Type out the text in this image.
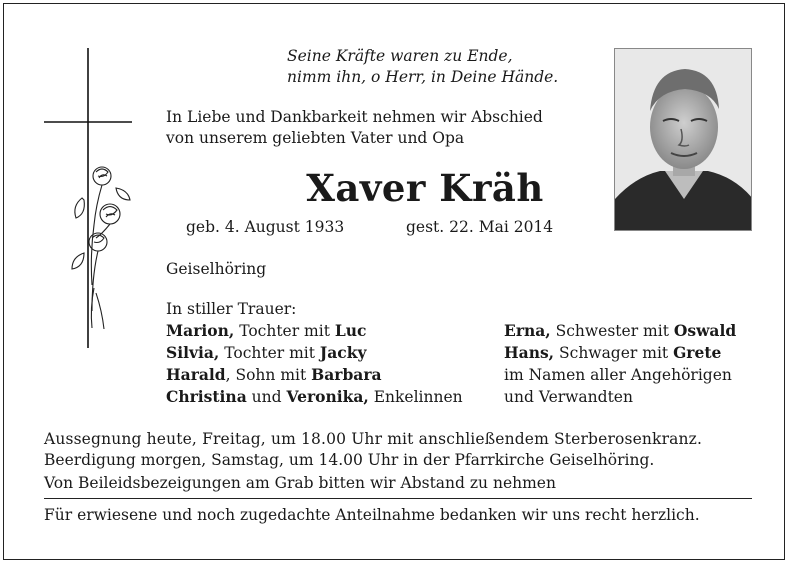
Seine Kräfte waren zu Ende,
nimm ihn, o Herr, in Deine Hände.
In Liebe und Dankbarkeit nehmen wir Abschied
von unserem geliebten Vater und Opa
Xaver Kräh
geb. 4. August 1933	gest. 22. Mai 2014
Geiselhöring
In stiller Trauer:
Marion, Tochter mit Luc
Silvia, Tochter mit Jacky
Harald, Sohn mit Barbara
Christina und Veronika, Enkelinnen
Erna, Schwester mit Oswald
Hans, Schwager mit Grete
im Namen aller Angehörigen
und Verwandten
Aussegnung heute, Freitag, um 18.00 Uhr mit anschließendem Sterberosenkranz.
Beerdigung morgen, Samstag, um 14.00 Uhr in der Pfarrkirche Geiselhöring.
Von Beileidsbezeigungen am Grab bitten wir Abstand zu nehmen
Für erwiesene und noch zugedachte Anteilnahme bedanken wir uns recht herzlich.
